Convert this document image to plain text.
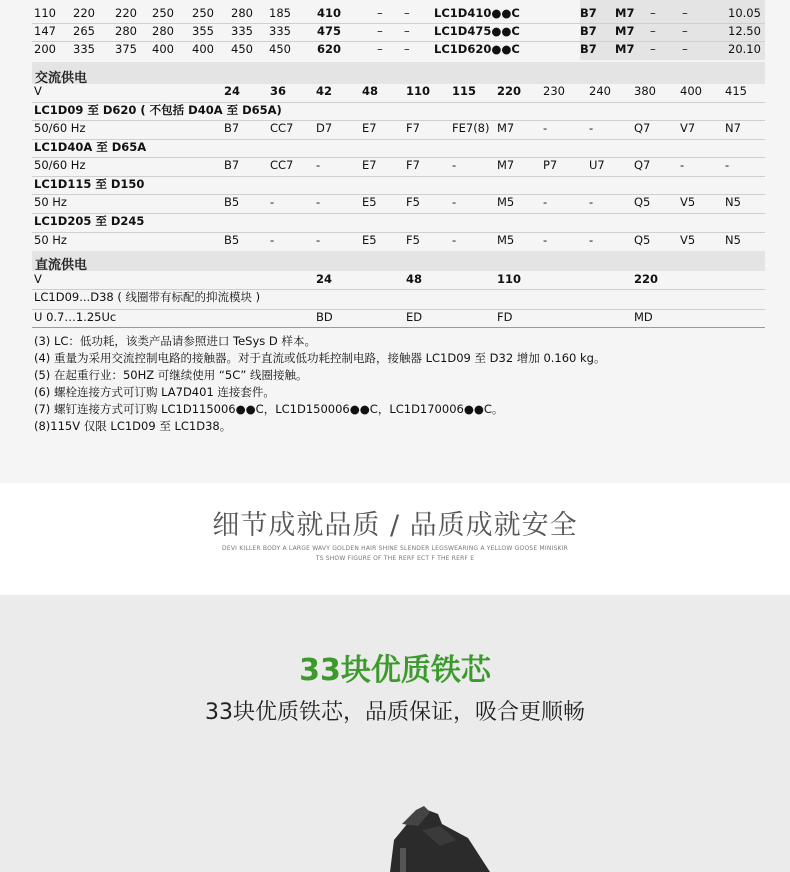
110 220 220 250 250 280 185 410	– – LC1D410●●C	B7 M7 – –	10.05
147 265 280 280 355 335 335 475	– – LC1D475●●C	B7 M7 – –	12.50
200 335 375 400 400 450 450 620	– – LC1D620●●C	B7 M7 – –	20.10
交流供电
V	24	36	42	48 110 115 220 230 240 380 400 415
LC1D09 至 D620 ( 不包括 D40A 至 D65A)
50/60 Hz	B7	CC7 D7	E7	F7	FE7(8) M7	-	-	Q7	V7	N7
LC1D40A 至 D65A
50/60 Hz	B7	CC7 -	E7	F7	-	M7	P7	U7	Q7	-	-
LC1D115 至 D150
50 Hz	B5	-	-	E5	F5	-	M5	-	-	Q5	V5	N5
LC1D205 至 D245
50 Hz	B5	-	-	E5	F5	-	M5	-	-	Q5	V5	N5
直流供电
V	24	48	110	220
LC1D09...D38 ( 线圈带有标配的抑流模块 )
U 0.7…1.25Uc	BD	ED	FD	MD
(3) LC：低功耗，该类产品请参照进口 TeSys D 样本。
(4) 重量为采用交流控制电路的接触器。对于直流或低功耗控制电路，接触器 LC1D09 至 D32 增加 0.160 kg。
(5) 在起重行业：50HZ 可继续使用 “5C” 线圈接触。
(6) 螺栓连接方式可订购 LA7D401 连接套件。
(7) 螺钉连接方式可订购 LC1D115006●●C，LC1D150006●●C，LC1D170006●●C。
(8)115V 仅限 LC1D09 至 LC1D38。
细节成就品质 / 品质成就安全
DEVI KILLER BODY A LARGE WAVY GOLDEN HAIR SHINE SLENDER LEGSWEARING A YELLOW GOOSE MINISKIR
TS SHOW FIGURE OF THE RERF ECT F THE RERF E
33块优质铁芯
33块优质铁芯，品质保证，吸合更顺畅
